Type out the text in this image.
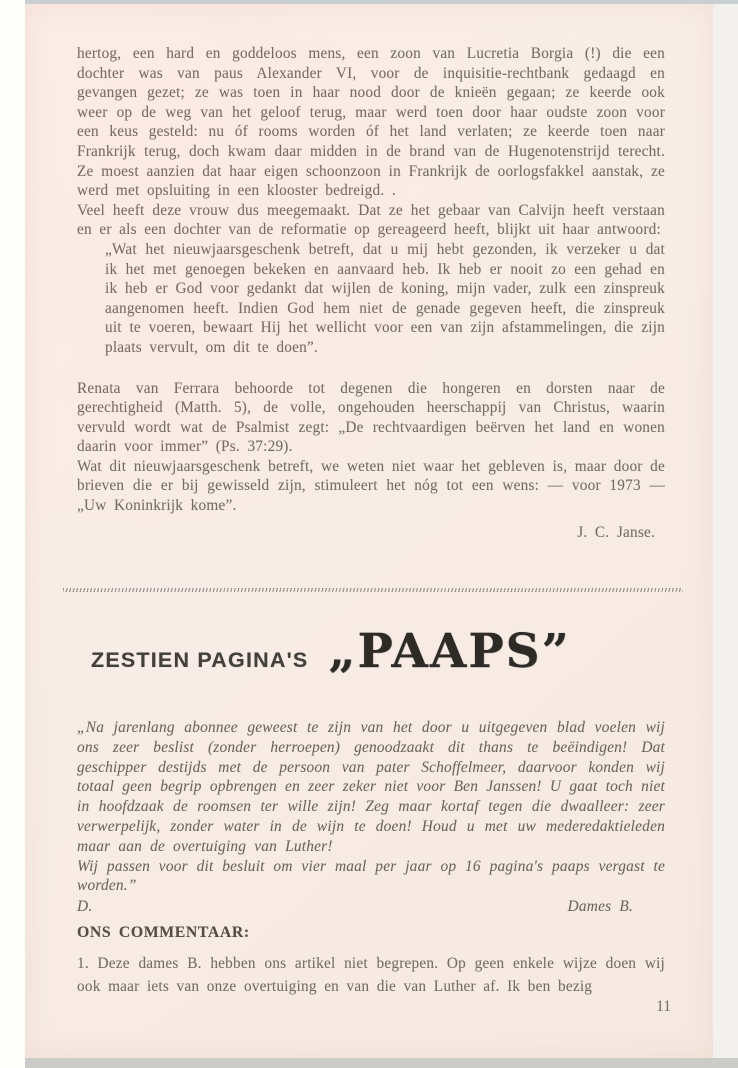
hertog, een hard en goddeloos mens, een zoon van Lucretia Borgia (!) die een dochter was van paus Alexander VI, voor de inquisitie-rechtbank gedaagd en gevangen gezet; ze was toen in haar nood door de knieën gegaan; ze keerde ook weer op de weg van het geloof terug, maar werd toen door haar oudste zoon voor een keus gesteld: nu óf rooms worden óf het land verlaten; ze keerde toen naar Frankrijk terug, doch kwam daar midden in de brand van de Hugenotenstrijd terecht. Ze moest aanzien dat haar eigen schoonzoon in Frankrijk de oorlogsfakkel aanstak, ze werd met opsluiting in een klooster bedreigd. .

Veel heeft deze vrouw dus meegemaakt. Dat ze het gebaar van Calvijn heeft verstaan en er als een dochter van de reformatie op gereageerd heeft, blijkt uit haar antwoord:

„Wat het nieuwjaarsgeschenk betreft, dat u mij hebt gezonden, ik verzeker u dat ik het met genoegen bekeken en aanvaard heb. Ik heb er nooit zo een gehad en ik heb er God voor gedankt dat wijlen de koning, mijn vader, zulk een zinspreuk aangenomen heeft. Indien God hem niet de genade gegeven heeft, die zinspreuk uit te voeren, bewaart Hij het wellicht voor een van zijn afstammelingen, die zijn plaats vervult, om dit te doen”.

Renata van Ferrara behoorde tot degenen die hongeren en dorsten naar de gerechtigheid (Matth. 5), de volle, ongehouden heerschappij van Christus, waarin vervuld wordt wat de Psalmist zegt: „De rechtvaardigen beërven het land en wonen daarin voor immer” (Ps. 37:29).

Wat dit nieuwjaarsgeschenk betreft, we weten niet waar het gebleven is, maar door de brieven die er bij gewisseld zijn, stimuleert het nóg tot een wens: — voor 1973 — „Uw Koninkrijk kome”.

J. C. Janse.
ZESTIEN PAGINA'S „PAAPS”

„Na jarenlang abonnee geweest te zijn van het door u uitgegeven blad voelen wij ons zeer beslist (zonder herroepen) genoodzaakt dit thans te beëindigen! Dat geschipper destijds met de persoon van pater Schoffelmeer, daarvoor konden wij totaal geen begrip opbrengen en zeer zeker niet voor Ben Janssen! U gaat toch niet in hoofdzaak de roomsen ter wille zijn! Zeg maar kortaf tegen die dwaalleer: zeer verwerpelijk, zonder water in de wijn te doen! Houd u met uw mederedaktieleden maar aan de overtuiging van Luther!

Wij passen voor dit besluit om vier maal per jaar op 16 pagina's paaps vergast te worden.”

D.	Dames B.
ONS COMMENTAAR:

1. Deze dames B. hebben ons artikel niet begrepen. Op geen enkele wijze doen wij ook maar iets van onze overtuiging en van die van Luther af. Ik ben bezig

11
